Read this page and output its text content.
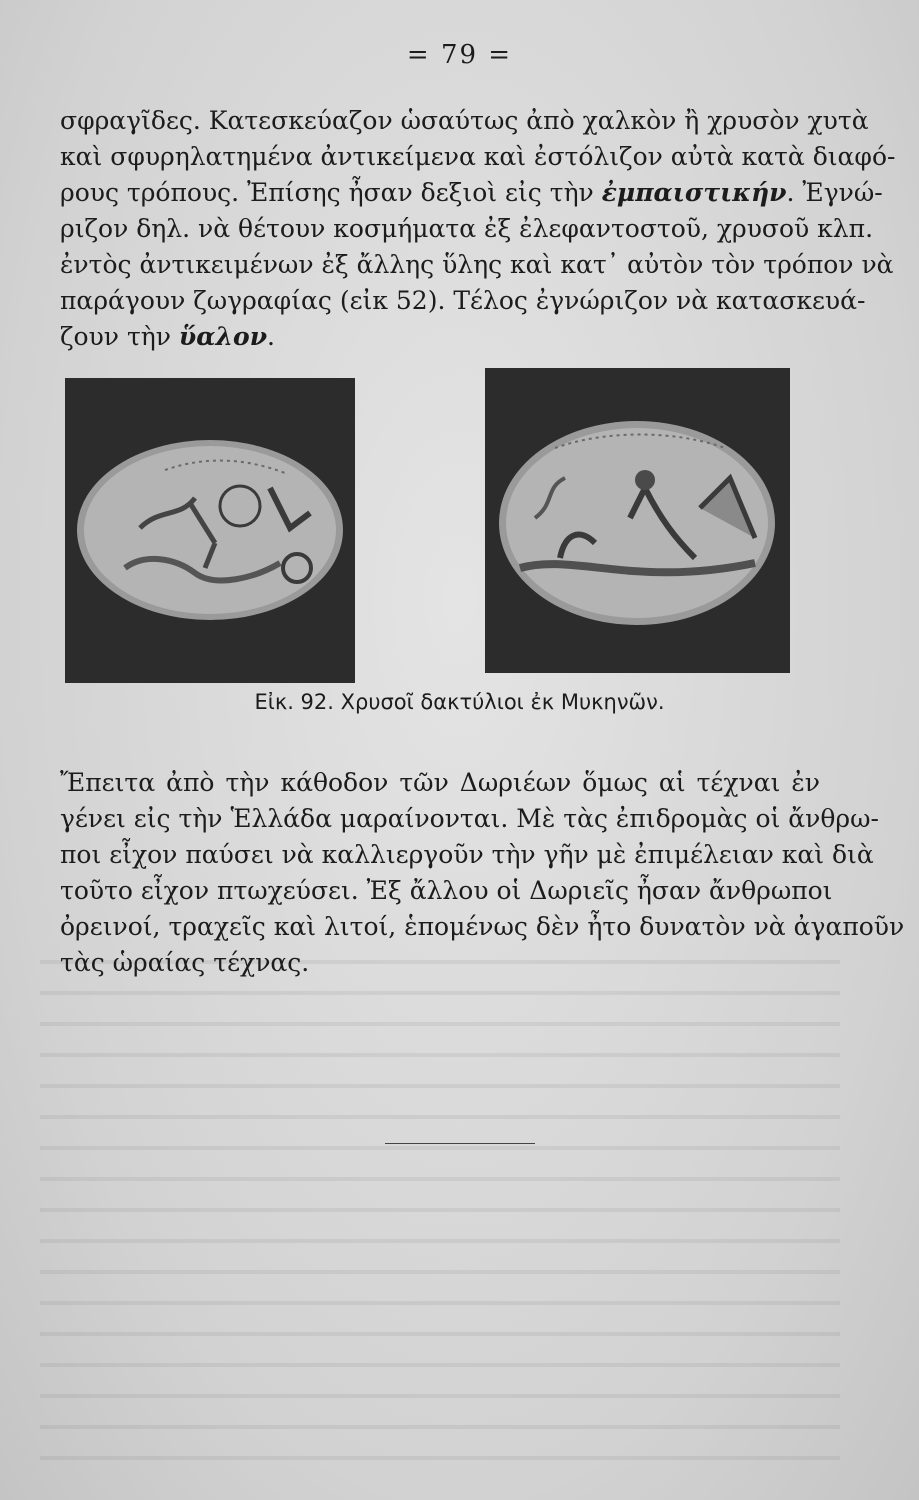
= 79 =
σφραγῖδες. Κατεσκεύαζον ὡσαύτως ἀπὸ χαλκὸν ἢ χρυσὸν χυτὰ
καὶ σφυρηλατημένα ἀντικείμενα καὶ ἐστόλιζον αὐτὰ κατὰ διαφό-
ρους τρόπους. Ἐπίσης ἦσαν δεξιοὶ εἰς τὴν ἐμπαιστικήν. Ἐγνώ-
ριζον δηλ. νὰ θέτουν κοσμήματα ἐξ ἐλεφαντοστοῦ, χρυσοῦ κλπ.
ἐντὸς ἀντικειμένων ἐξ ἄλλης ὕλης καὶ κατ᾽ αὐτὸν τὸν τρόπον νὰ
παράγουν ζωγραφίας (εἰκ 52). Τέλος ἐγνώριζον νὰ κατασκευά-
ζουν τὴν ὕαλον.
Εἰκ. 92. Χρυσοῖ δακτύλιοι ἐκ Μυκηνῶν.
Ἔπειτα ἀπὸ τὴν κάθοδον τῶν Δωριέων ὅμως αἱ τέχναι ἐν
γένει εἰς τὴν Ἑλλάδα μαραίνονται. Μὲ τὰς ἐπιδρομὰς οἱ ἄνθρω-
ποι εἶχον παύσει νὰ καλλιεργοῦν τὴν γῆν μὲ ἐπιμέλειαν καὶ διὰ
τοῦτο εἶχον πτωχεύσει. Ἐξ ἄλλου οἱ Δωριεῖς ἦσαν ἄνθρωποι
ὀρεινοί, τραχεῖς καὶ λιτοί, ἑπομένως δὲν ἦτο δυνατὸν νὰ ἀγαποῦν
τὰς ὡραίας τέχνας.
